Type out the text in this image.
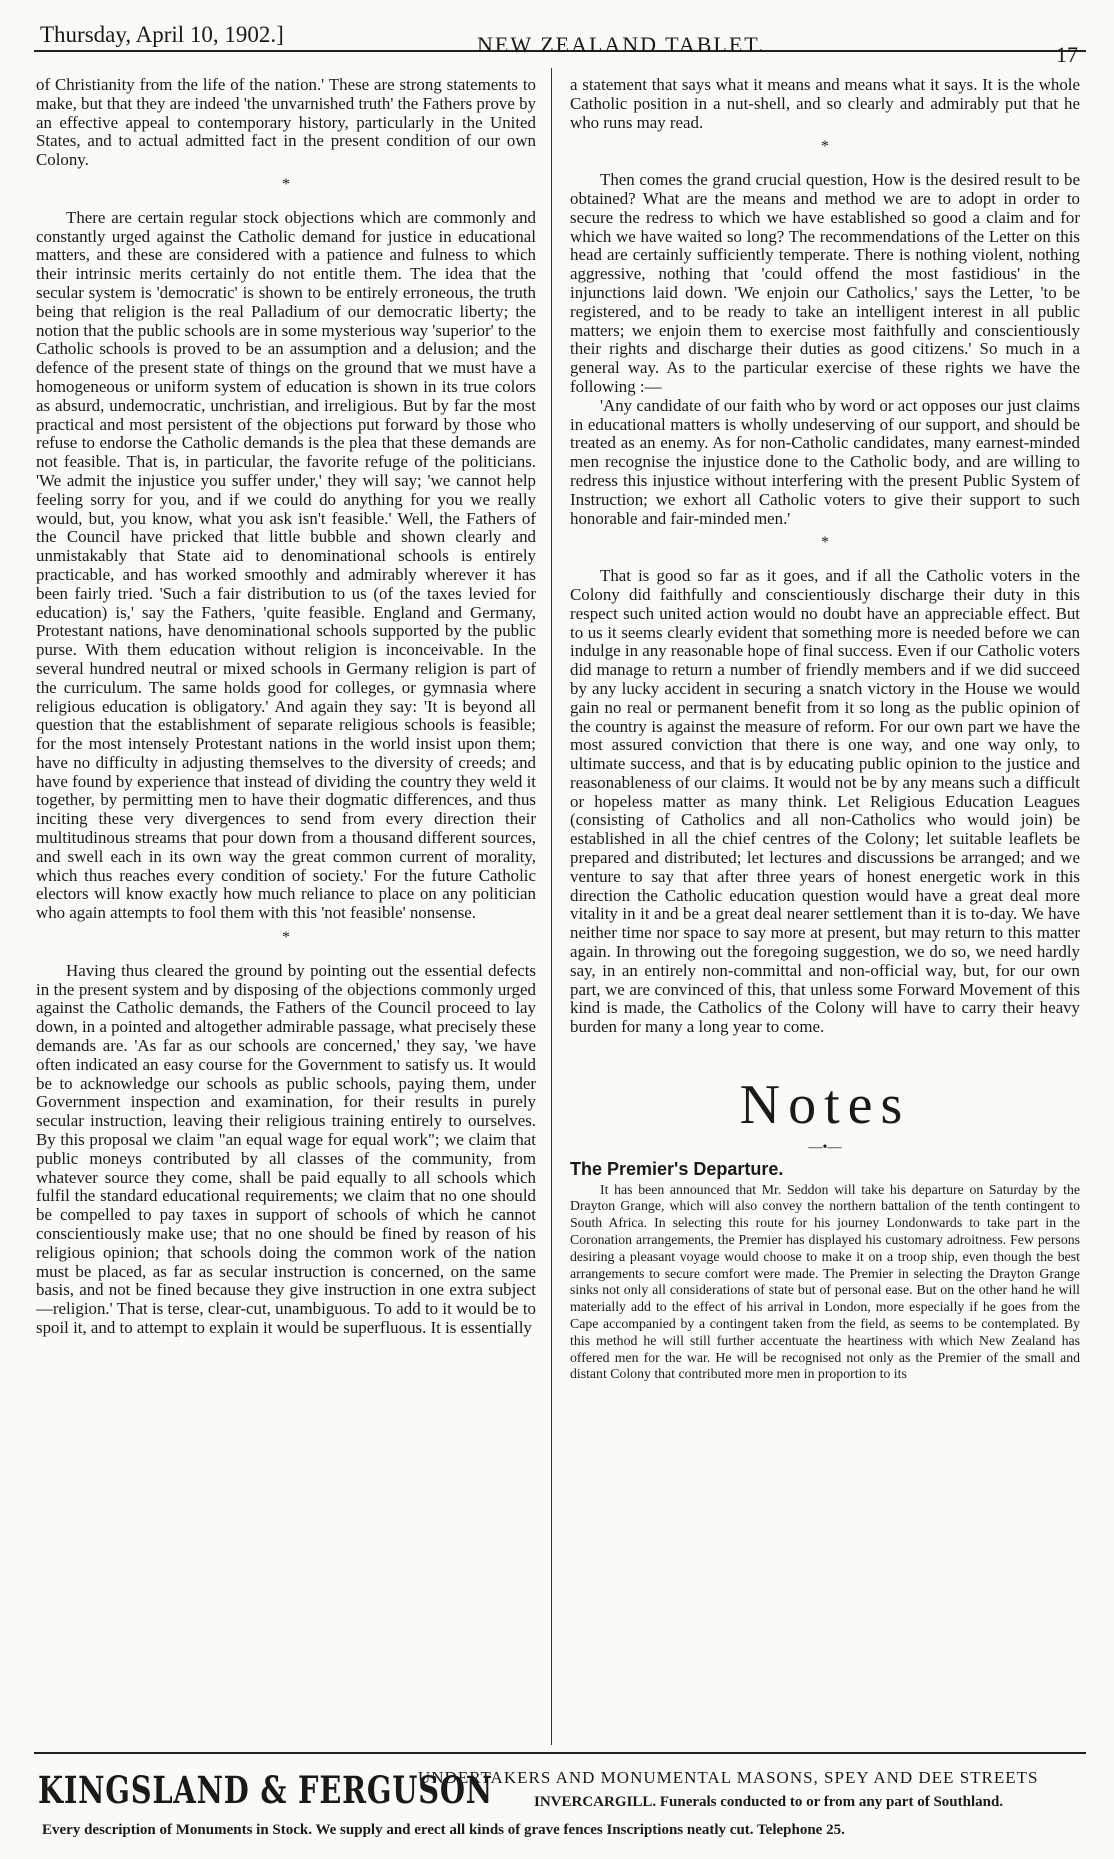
Thursday, April 10, 1902.]	NEW ZEALAND TABLET.	17

of Christianity from the life of the nation.' These are strong statements to make, but that they are indeed 'the unvarnished truth' the Fathers prove by an effective appeal to contemporary history, particularly in the United States, and to actual admitted fact in the present condition of our own Colony.

*

There are certain regular stock objections which are commonly and constantly urged against the Catholic demand for justice in educational matters, and these are considered with a patience and fulness to which their intrinsic merits certainly do not entitle them. The idea that the secular system is 'democratic' is shown to be entirely erroneous, the truth being that religion is the real Palladium of our democratic liberty; the notion that the public schools are in some mysterious way 'superior' to the Catholic schools is proved to be an assumption and a delusion; and the defence of the present state of things on the ground that we must have a homogeneous or uniform system of education is shown in its true colors as absurd, undemocratic, unchristian, and irreligious. But by far the most practical and most persistent of the objections put forward by those who refuse to endorse the Catholic demands is the plea that these demands are not feasible. That is, in particular, the favorite refuge of the politicians. 'We admit the injustice you suffer under,' they will say; 'we cannot help feeling sorry for you, and if we could do anything for you we really would, but, you know, what you ask isn't feasible.' Well, the Fathers of the Council have pricked that little bubble and shown clearly and unmistakably that State aid to denominational schools is entirely practicable, and has worked smoothly and admirably wherever it has been fairly tried. 'Such a fair distribution to us (of the taxes levied for education) is,' say the Fathers, 'quite feasible. England and Germany, Protestant nations, have denominational schools supported by the public purse. With them education without religion is inconceivable. In the several hundred neutral or mixed schools in Germany religion is part of the curriculum. The same holds good for colleges, or gymnasia where religious education is obligatory.' And again they say: 'It is beyond all question that the establishment of separate religious schools is feasible; for the most intensely Protestant nations in the world insist upon them; have no difficulty in adjusting themselves to the diversity of creeds; and have found by experience that instead of dividing the country they weld it together, by permitting men to have their dogmatic differences, and thus inciting these very divergences to send from every direction their multitudinous streams that pour down from a thousand different sources, and swell each in its own way the great common current of morality, which thus reaches every condition of society.' For the future Catholic electors will know exactly how much reliance to place on any politician who again attempts to fool them with this 'not feasible' nonsense.

*

Having thus cleared the ground by pointing out the essential defects in the present system and by disposing of the objections commonly urged against the Catholic demands, the Fathers of the Council proceed to lay down, in a pointed and altogether admirable passage, what precisely these demands are. 'As far as our schools are concerned,' they say, 'we have often indicated an easy course for the Government to satisfy us. It would be to acknowledge our schools as public schools, paying them, under Government inspection and examination, for their results in purely secular instruction, leaving their religious training entirely to ourselves. By this proposal we claim "an equal wage for equal work"; we claim that public moneys contributed by all classes of the community, from whatever source they come, shall be paid equally to all schools which fulfil the standard educational requirements; we claim that no one should be compelled to pay taxes in support of schools of which he cannot conscientiously make use; that no one should be fined by reason of his religious opinion; that schools doing the common work of the nation must be placed, as far as secular instruction is concerned, on the same basis, and not be fined because they give instruction in one extra subject—religion.' That is terse, clear-cut, unambiguous. To add to it would be to spoil it, and to attempt to explain it would be superfluous. It is essentially

a statement that says what it means and means what it says. It is the whole Catholic position in a nut-shell, and so clearly and admirably put that he who runs may read.

*

Then comes the grand crucial question, How is the desired result to be obtained? What are the means and method we are to adopt in order to secure the redress to which we have established so good a claim and for which we have waited so long? The recommendations of the Letter on this head are certainly sufficiently temperate. There is nothing violent, nothing aggressive, nothing that 'could offend the most fastidious' in the injunctions laid down. 'We enjoin our Catholics,' says the Letter, 'to be registered, and to be ready to take an intelligent interest in all public matters; we enjoin them to exercise most faithfully and conscientiously their rights and discharge their duties as good citizens.' So much in a general way. As to the particular exercise of these rights we have the following :—

'Any candidate of our faith who by word or act opposes our just claims in educational matters is wholly undeserving of our support, and should be treated as an enemy. As for non-Catholic candidates, many earnest-minded men recognise the injustice done to the Catholic body, and are willing to redress this injustice without interfering with the present Public System of Instruction; we exhort all Catholic voters to give their support to such honorable and fair-minded men.'

*

That is good so far as it goes, and if all the Catholic voters in the Colony did faithfully and conscientiously discharge their duty in this respect such united action would no doubt have an appreciable effect. But to us it seems clearly evident that something more is needed before we can indulge in any reasonable hope of final success. Even if our Catholic voters did manage to return a number of friendly members and if we did succeed by any lucky accident in securing a snatch victory in the House we would gain no real or permanent benefit from it so long as the public opinion of the country is against the measure of reform. For our own part we have the most assured conviction that there is one way, and one way only, to ultimate success, and that is by educating public opinion to the justice and reasonableness of our claims. It would not be by any means such a difficult or hopeless matter as many think. Let Religious Education Leagues (consisting of Catholics and all non-Catholics who would join) be established in all the chief centres of the Colony; let suitable leaflets be prepared and distributed; let lectures and discussions be arranged; and we venture to say that after three years of honest energetic work in this direction the Catholic education question would have a great deal more vitality in it and be a great deal nearer settlement than it is to-day. We have neither time nor space to say more at present, but may return to this matter again. In throwing out the foregoing suggestion, we do so, we need hardly say, in an entirely non-committal and non-official way, but, for our own part, we are convinced of this, that unless some Forward Movement of this kind is made, the Catholics of the Colony will have to carry their heavy burden for many a long year to come.

Notes
—•—
The Premier's Departure.

It has been announced that Mr. Seddon will take his departure on Saturday by the Drayton Grange, which will also convey the northern battalion of the tenth contingent to South Africa. In selecting this route for his journey Londonwards to take part in the Coronation arrangements, the Premier has displayed his customary adroitness. Few persons desiring a pleasant voyage would choose to make it on a troop ship, even though the best arrangements to secure comfort were made. The Premier in selecting the Drayton Grange sinks not only all considerations of state but of personal ease. But on the other hand he will materially add to the effect of his arrival in London, more especially if he goes from the Cape accompanied by a contingent taken from the field, as seems to be contemplated. By this method he will still further accentuate the heartiness with which New Zealand has offered men for the war. He will be recognised not only as the Premier of the small and distant Colony that contributed more men in proportion to its

KINGSLAND & FERGUSON
UNDERTAKERS AND MONUMENTAL MASONS, SPEY AND DEE STREETS
INVERCARGILL. Funerals conducted to or from any part of Southland.
Every description of Monuments in Stock. We supply and erect all kinds of grave fences Inscriptions neatly cut. Telephone 25.
